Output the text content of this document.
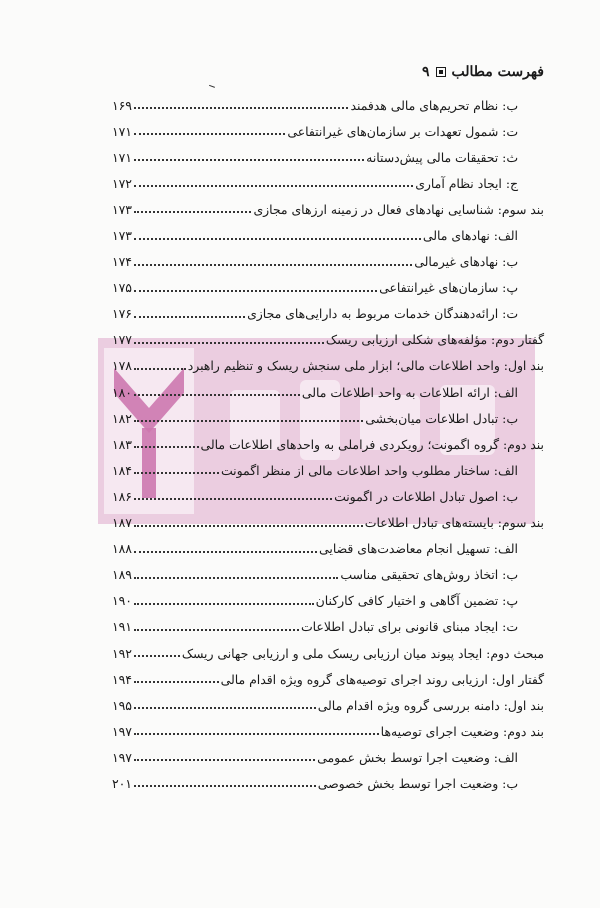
فهرست مطالب
۹
ب: نظام تحریم‌های مالی هدفمند
۱۶۹
ت: شمول تعهدات بر سازمان‌های غیرانتفاعی
۱۷۱
ث: تحقیقات مالی پیش‌دستانه
۱۷۱
ج: ایجاد نظام آماری
۱۷۲
بند سوم: شناسایی نهادهای فعال در زمینه ارزهای مجازی
۱۷۳
الف: نهادهای مالی
۱۷۳
ب: نهادهای غیرمالی
۱۷۴
پ: سازمان‌های غیرانتفاعی
۱۷۵
ت: ارائه‌دهندگان خدمات مربوط به دارایی‌های مجازی
۱۷۶
گفتار دوم: مؤلفه‌های شکلی ارزیابی ریسک
۱۷۷
بند اول: واحد اطلاعات مالی؛ ابزار ملی سنجش ریسک و تنظیم راهبرد
۱۷۸
الف: ارائه اطلاعات به واحد اطلاعات مالی
۱۸۰
ب: تبادل اطلاعات میان‌بخشی
۱۸۲
بند دوم: گروه اگمونت؛ رویکردی فراملی به واحدهای اطلاعات مالی
۱۸۳
الف: ساختار مطلوب واحد اطلاعات مالی از منظر اگمونت
۱۸۴
ب: اصول تبادل اطلاعات در اگمونت
۱۸۶
بند سوم: بایسته‌های تبادل اطلاعات
۱۸۷
الف: تسهیل انجام معاضدت‌های قضایی
۱۸۸
ب: اتخاذ روش‌های تحقیقی مناسب
۱۸۹
پ: تضمین آگاهی و اختیار کافی کارکنان
۱۹۰
ت: ایجاد مبنای قانونی برای تبادل اطلاعات
۱۹۱
مبحث دوم: ایجاد پیوند میان ارزیابی ریسک ملی و ارزیابی جهانی ریسک
۱۹۲
گفتار اول: ارزیابی روند اجرای توصیه‌های گروه ویژه اقدام مالی
۱۹۴
بند اول: دامنه بررسی گروه ویژه اقدام مالی
۱۹۵
بند دوم: وضعیت اجرای توصیه‌ها
۱۹۷
الف: وضعیت اجرا توسط بخش عمومی
۱۹۷
ب: وضعیت اجرا توسط بخش خصوصی
۲۰۱
